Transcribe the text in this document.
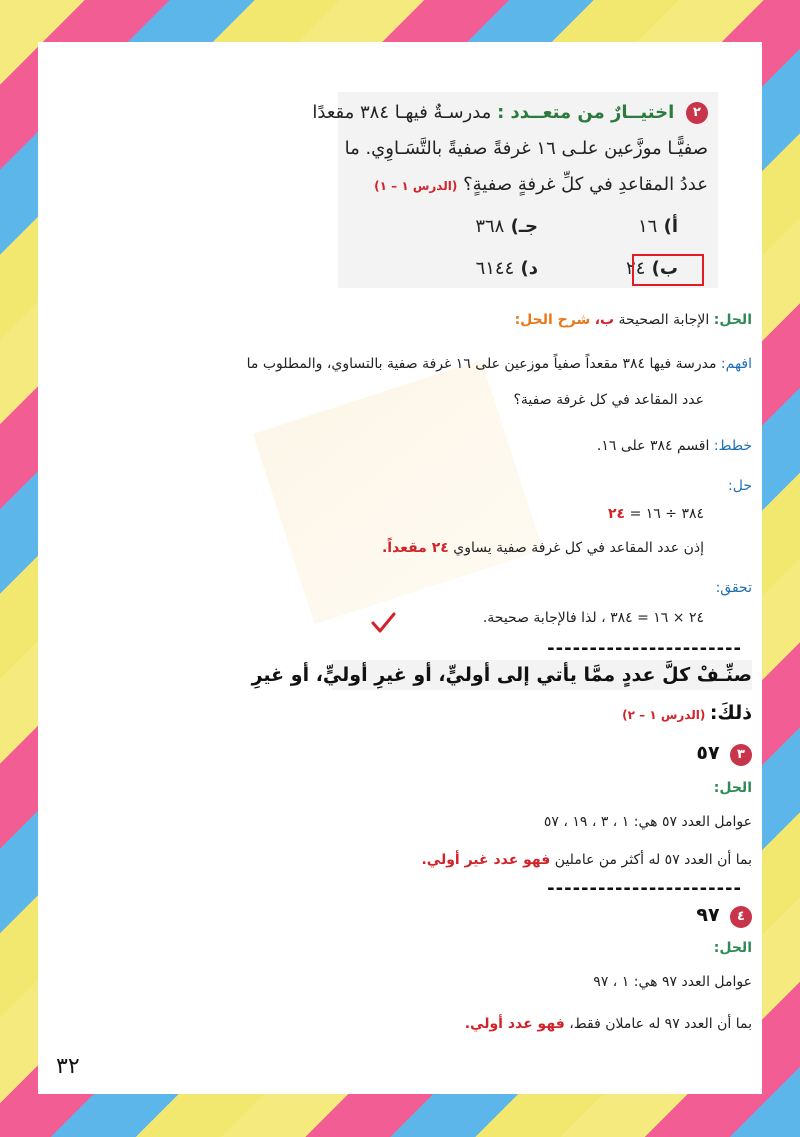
٢ اختيــارٌ من متعــدد : مدرسـةٌ فيهـا ٣٨٤ مقعدًا
صفيًّـا موزَّعين علـى ١٦ غرفةً صفيةً بالتَّسَـاوِي. ما
عددُ المقاعدِ في كلِّ غرفةٍ صفيةٍ؟ (الدرس ١ – ١)
أ) ١٦
جـ) ٣٦٨
ب) ٢٤
د) ٦١٤٤
الحل: الإجابة الصحيحة ب، شرح الحل:
افهم: مدرسة فيها ٣٨٤ مقعداً صفياً موزعين على ١٦ غرفة صفية بالتساوي، والمطلوب ما
عدد المقاعد في كل غرفة صفية؟
خطط: اقسم ٣٨٤ على ١٦.
حل:
٣٨٤ ÷ ١٦ = ٢٤
إذن عدد المقاعد في كل غرفة صفية يساوي ٢٤ مقعداً.
تحقق:
٢٤ × ١٦ = ٣٨٤ ، لذا فالإجابة صحيحة.
-----------------------
صنِّـفْ كلَّ عددٍ ممَّا يأتي إلى أوليٍّ، أو غيرِ أوليٍّ، أو غيرِ
ذلكَ: (الدرس ١ – ٢)
٣ ٥٧
الحل:
عوامل العدد ٥٧ هي: ١ ، ٣ ، ١٩ ، ٥٧
بما أن العدد ٥٧ له أكثر من عاملين فهو عدد غير أولي.
-----------------------
٤ ٩٧
الحل:
عوامل العدد ٩٧ هي: ١ ، ٩٧
بما أن العدد ٩٧ له عاملان فقط، فهو عدد أولي.
٣٢
